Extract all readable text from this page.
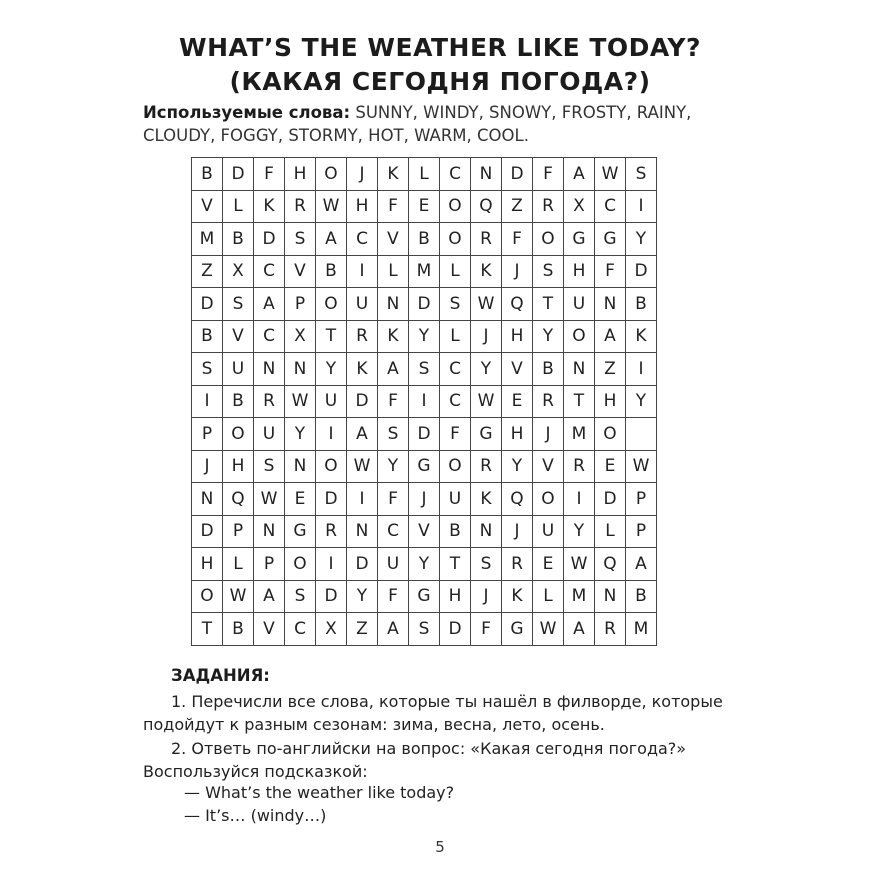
WHAT’S THE WEATHER LIKE TODAY?
(КАКАЯ СЕГОДНЯ ПОГОДА?)
Используемые слова: SUNNY, WINDY, SNOWY, FROSTY, RAINY, CLOUDY, FOGGY, STORMY, HOT, WARM, COOL.
B	D	F	H	O	J	K	L	C	N	D	F	A	W	S
V	L	K	R	W	H	F	E	O	Q	Z	R	X	C	I
M	B	D	S	A	C	V	B	O	R	F	O	G	G	Y
Z	X	C	V	B	I	L	M	L	K	J	S	H	F	D
D	S	A	P	O	U	N	D	S	W	Q	T	U	N	B
B	V	C	X	T	R	K	Y	L	J	H	Y	O	A	K
S	U	N	N	Y	K	A	S	C	Y	V	B	N	Z	I
I	B	R	W	U	D	F	I	C	W	E	R	T	H	Y
P	O	U	Y	I	A	S	D	F	G	H	J	M	O	
J	H	S	N	O	W	Y	G	O	R	Y	V	R	E	W
N	Q	W	E	D	I	F	J	U	K	Q	O	I	D	P
D	P	N	G	R	N	C	V	B	N	J	U	Y	L	P
H	L	P	O	I	D	U	Y	T	S	R	E	W	Q	A
O	W	A	S	D	Y	F	G	H	J	K	L	M	N	B
T	B	V	C	X	Z	A	S	D	F	G	W	A	R	M
ЗАДАНИЯ:
1. Перечисли все слова, которые ты нашёл в филворде, которые подойдут к разным сезонам: зима, весна, лето, осень.
2. Ответь по-английски на вопрос: «Какая сегодня погода?» Воспользуйся подсказкой:
— What’s the weather like today?
— It’s… (windy…)
5
